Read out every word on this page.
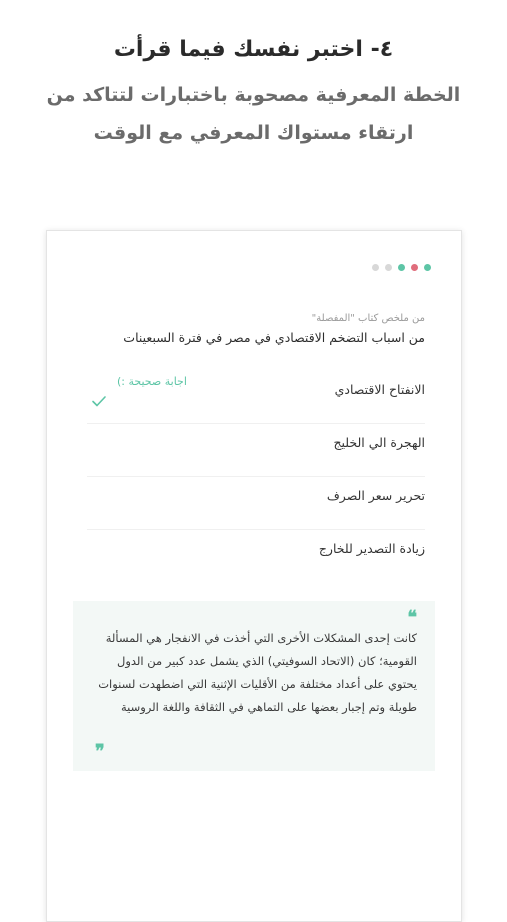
٤- اختبر نفسك فيما قرأت
الخطة المعرفية مصحوبة باختبارات لتتاكد من ارتقاء مستواك المعرفي مع الوقت
من ملخص كتاب "المفصلة"
من اسباب التضخم الاقتصادي في مصر في فترة السبعينات
الانفتاح الاقتصادي
اجابة صحيحة :)
الهجرة الي الخليج
تحرير سعر الصرف
زيادة التصدير للخارج
❝
كانت إحدى المشكلات الأخرى التي أخذت في الانفجار هي المسألة القومية؛ كان (الاتحاد السوفيتي) الذي يشمل عدد كبير من الدول يحتوي على أعداد مختلفة من الأقليات الإثنية التي اضطهدت لسنوات طويلة وتم إجبار بعضها على التماهي في الثقافة واللغة الروسية
❞
